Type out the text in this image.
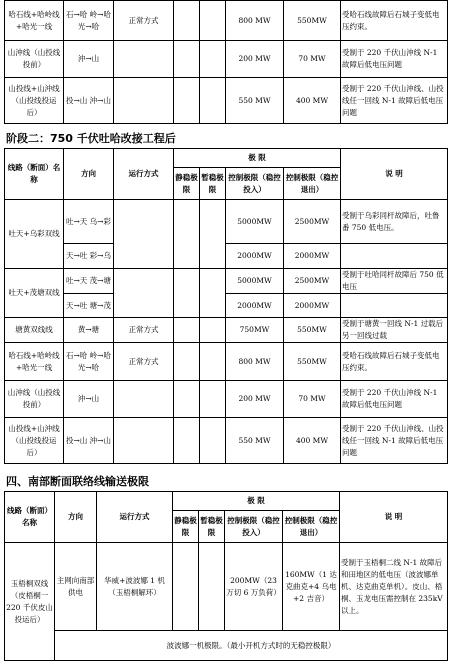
哈石线+哈岭线+哈光一线	石→哈 岭→哈 光→哈	正常方式			800 MW	550MW	受哈石线故障后石城子变低电压约束。
山沖线（山投线投前）	沖→山				200 MW	70 MW	受制于 220 千伏山沖线 N-1 故障后低电压问题
山投线+山沖线（山投线投运后）	投→山 沖→山				550 MW	400 MW	受制于 220 千伏山沖线、山投线任一回线 N-1 故障后低电压问题
阶段二：750 千伏吐哈改接工程后
线路（断面）名称	方向	运行方式	极 限				说 明
			静稳极限	暂稳极限	控制极限（稳控投入）	控制极限（稳控退出）	
吐天+乌彩双线	吐→天 乌→彩				5000MW	2500MW	受制于乌彩同杆故障后，吐鲁番 750 低电压。
	天→吐 彩→乌				2000MW	2000MW	
吐天+茂塘双线	吐→天 茂→塘				5000MW	2500MW	受制于吐哈同杆故障后 750 低电压
	天→吐 塘→茂				2000MW	2000MW	
塘黄双线线	黄→塘	正常方式			750MW	550MW	受制于塘黄一回线 N-1 过载后另一回线过载
哈石线+哈岭线+哈光一线	石→哈 岭→哈 光→哈	正常方式			800 MW	550MW	受哈石线故障后石城子变低电压约束。
山沖线（山投线投前）	沖→山				200 MW	70 MW	受制于 220 千伏山沖线 N-1 故障后低电压问题
山投线+山沖线（山投线投运后）	投→山 沖→山				550 MW	400 MW	受制于 220 千伏山沖线、山投线任一回线 N-1 故障后低电压问题
四、南部断面联络线输送极限
线路（断面）名称	方向	运行方式	极 限				说 明
			静稳极限	暂稳极限	控制极限（稳控投入）	控制极限（稳控退出）	
玉梧桐双线（皮梧桐一 220 千伏皮山投运后）	主网向南部供电	华威+波波娜 1 机（玉梧桐解环）			200MW（23 万切 6 万负荷）	160MW（1 达克曲克+4 乌电+2 吉音）	受制于玉梧桐二线 N-1 故障后和田地区的低电压（波波娜单机、达克曲克单机）。皮山、梧桐、玉龙电压需控制在 235kV 以上。
	波波娜一机极限。（最小开机方式时的无稳控极限）						
